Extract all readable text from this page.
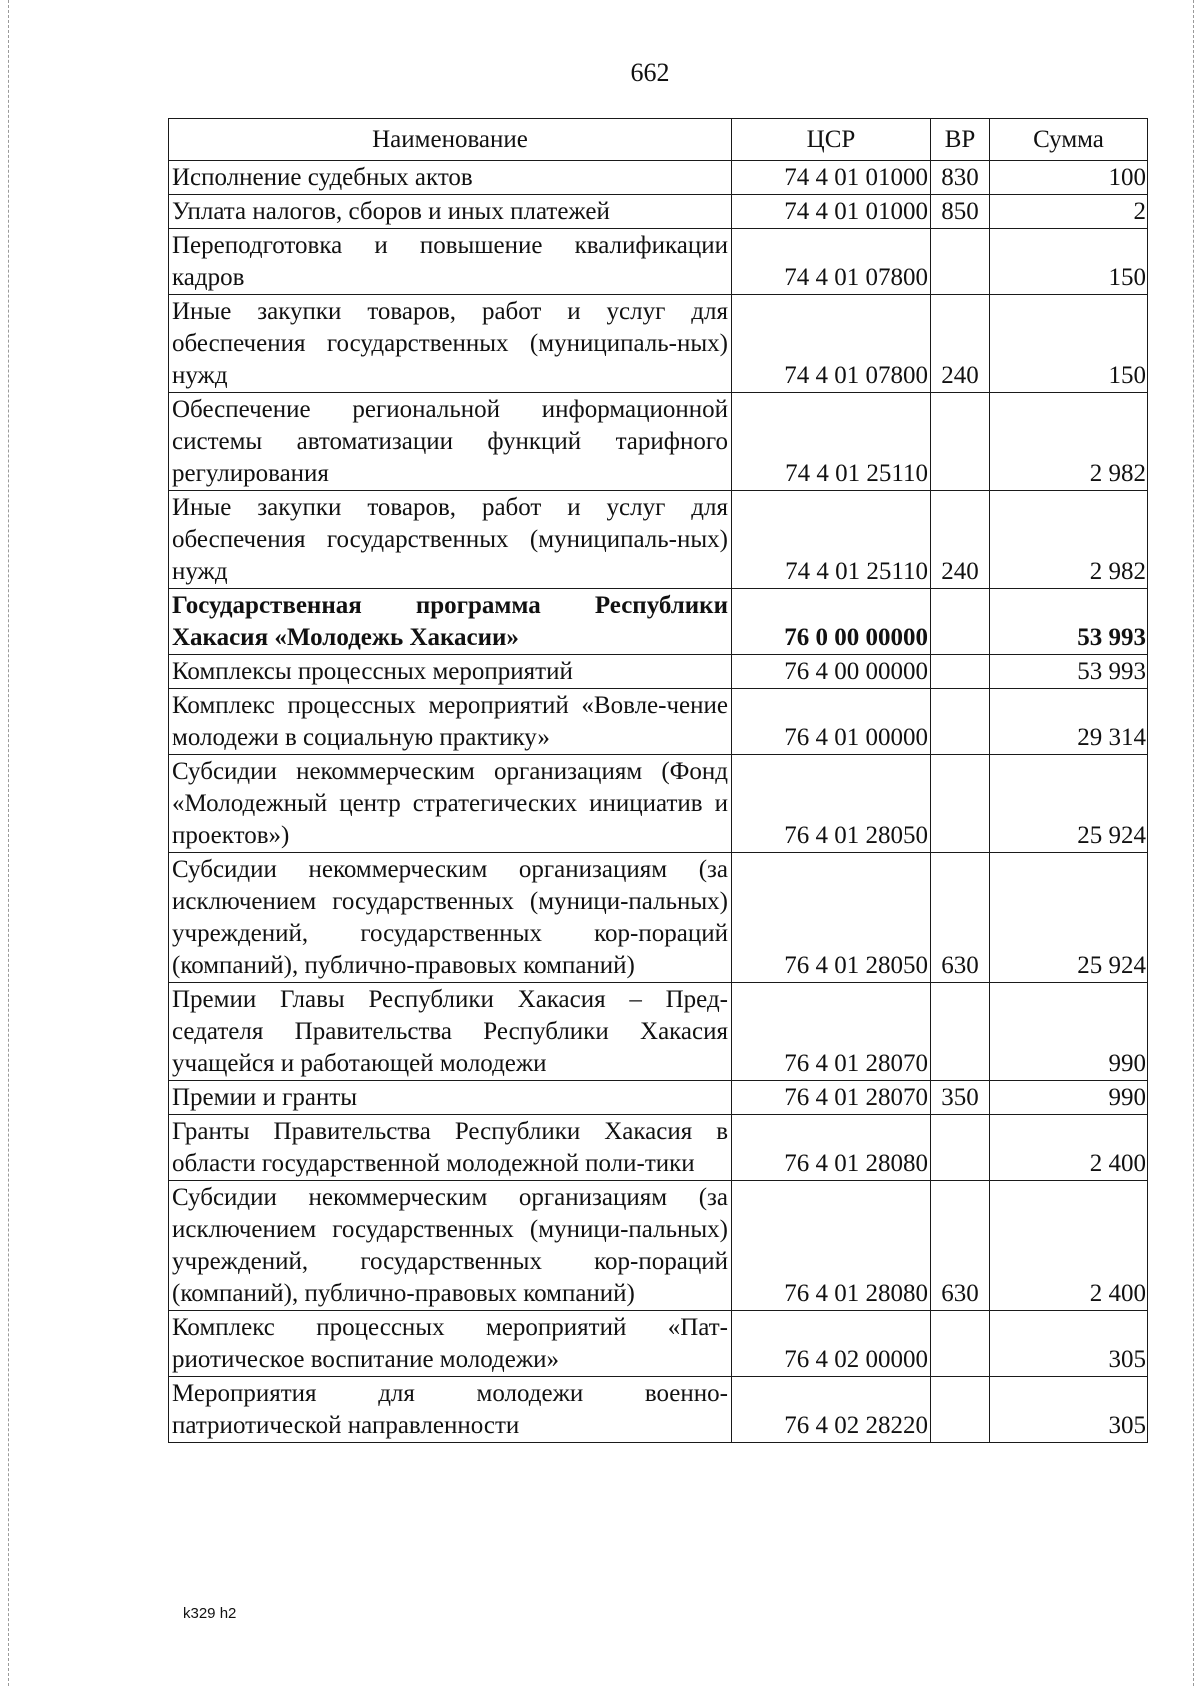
662
Наименование	ЦСР	ВР	Сумма
Исполнение судебных актов	74 4 01 01000	830	100
Уплата налогов, сборов и иных платежей	74 4 01 01000	850	2
Переподготовка и повышение квалификации кадров	74 4 01 07800		150
Иные закупки товаров, работ и услуг для обеспечения государственных (муниципаль-ных) нужд	74 4 01 07800	240	150
Обеспечение региональной информационной системы автоматизации функций тарифного регулирования	74 4 01 25110		2 982
Иные закупки товаров, работ и услуг для обеспечения государственных (муниципаль-ных) нужд	74 4 01 25110	240	2 982
Государственная программа Республики Хакасия «Молодежь Хакасии»	76 0 00 00000		53 993
Комплексы процессных мероприятий	76 4 00 00000		53 993
Комплекс процессных мероприятий «Вовле-чение молодежи в социальную практику»	76 4 01 00000		29 314
Субсидии некоммерческим организациям (Фонд «Молодежный центр стратегических инициатив и проектов»)	76 4 01 28050		25 924
Субсидии некоммерческим организациям (за исключением государственных (муници-пальных) учреждений, государственных кор-пораций (компаний), публично-правовых компаний)	76 4 01 28050	630	25 924
Премии Главы Республики Хакасия – Пред-седателя Правительства Республики Хакасия учащейся и работающей молодежи	76 4 01 28070		990
Премии и гранты	76 4 01 28070	350	990
Гранты Правительства Республики Хакасия в области государственной молодежной поли-тики	76 4 01 28080		2 400
Субсидии некоммерческим организациям (за исключением государственных (муници-пальных) учреждений, государственных кор-пораций (компаний), публично-правовых компаний)	76 4 01 28080	630	2 400
Комплекс процессных мероприятий «Пат-риотическое воспитание молодежи»	76 4 02 00000		305
Мероприятия для молодежи военно-патриотической направленности	76 4 02 28220		305
k329 h2
